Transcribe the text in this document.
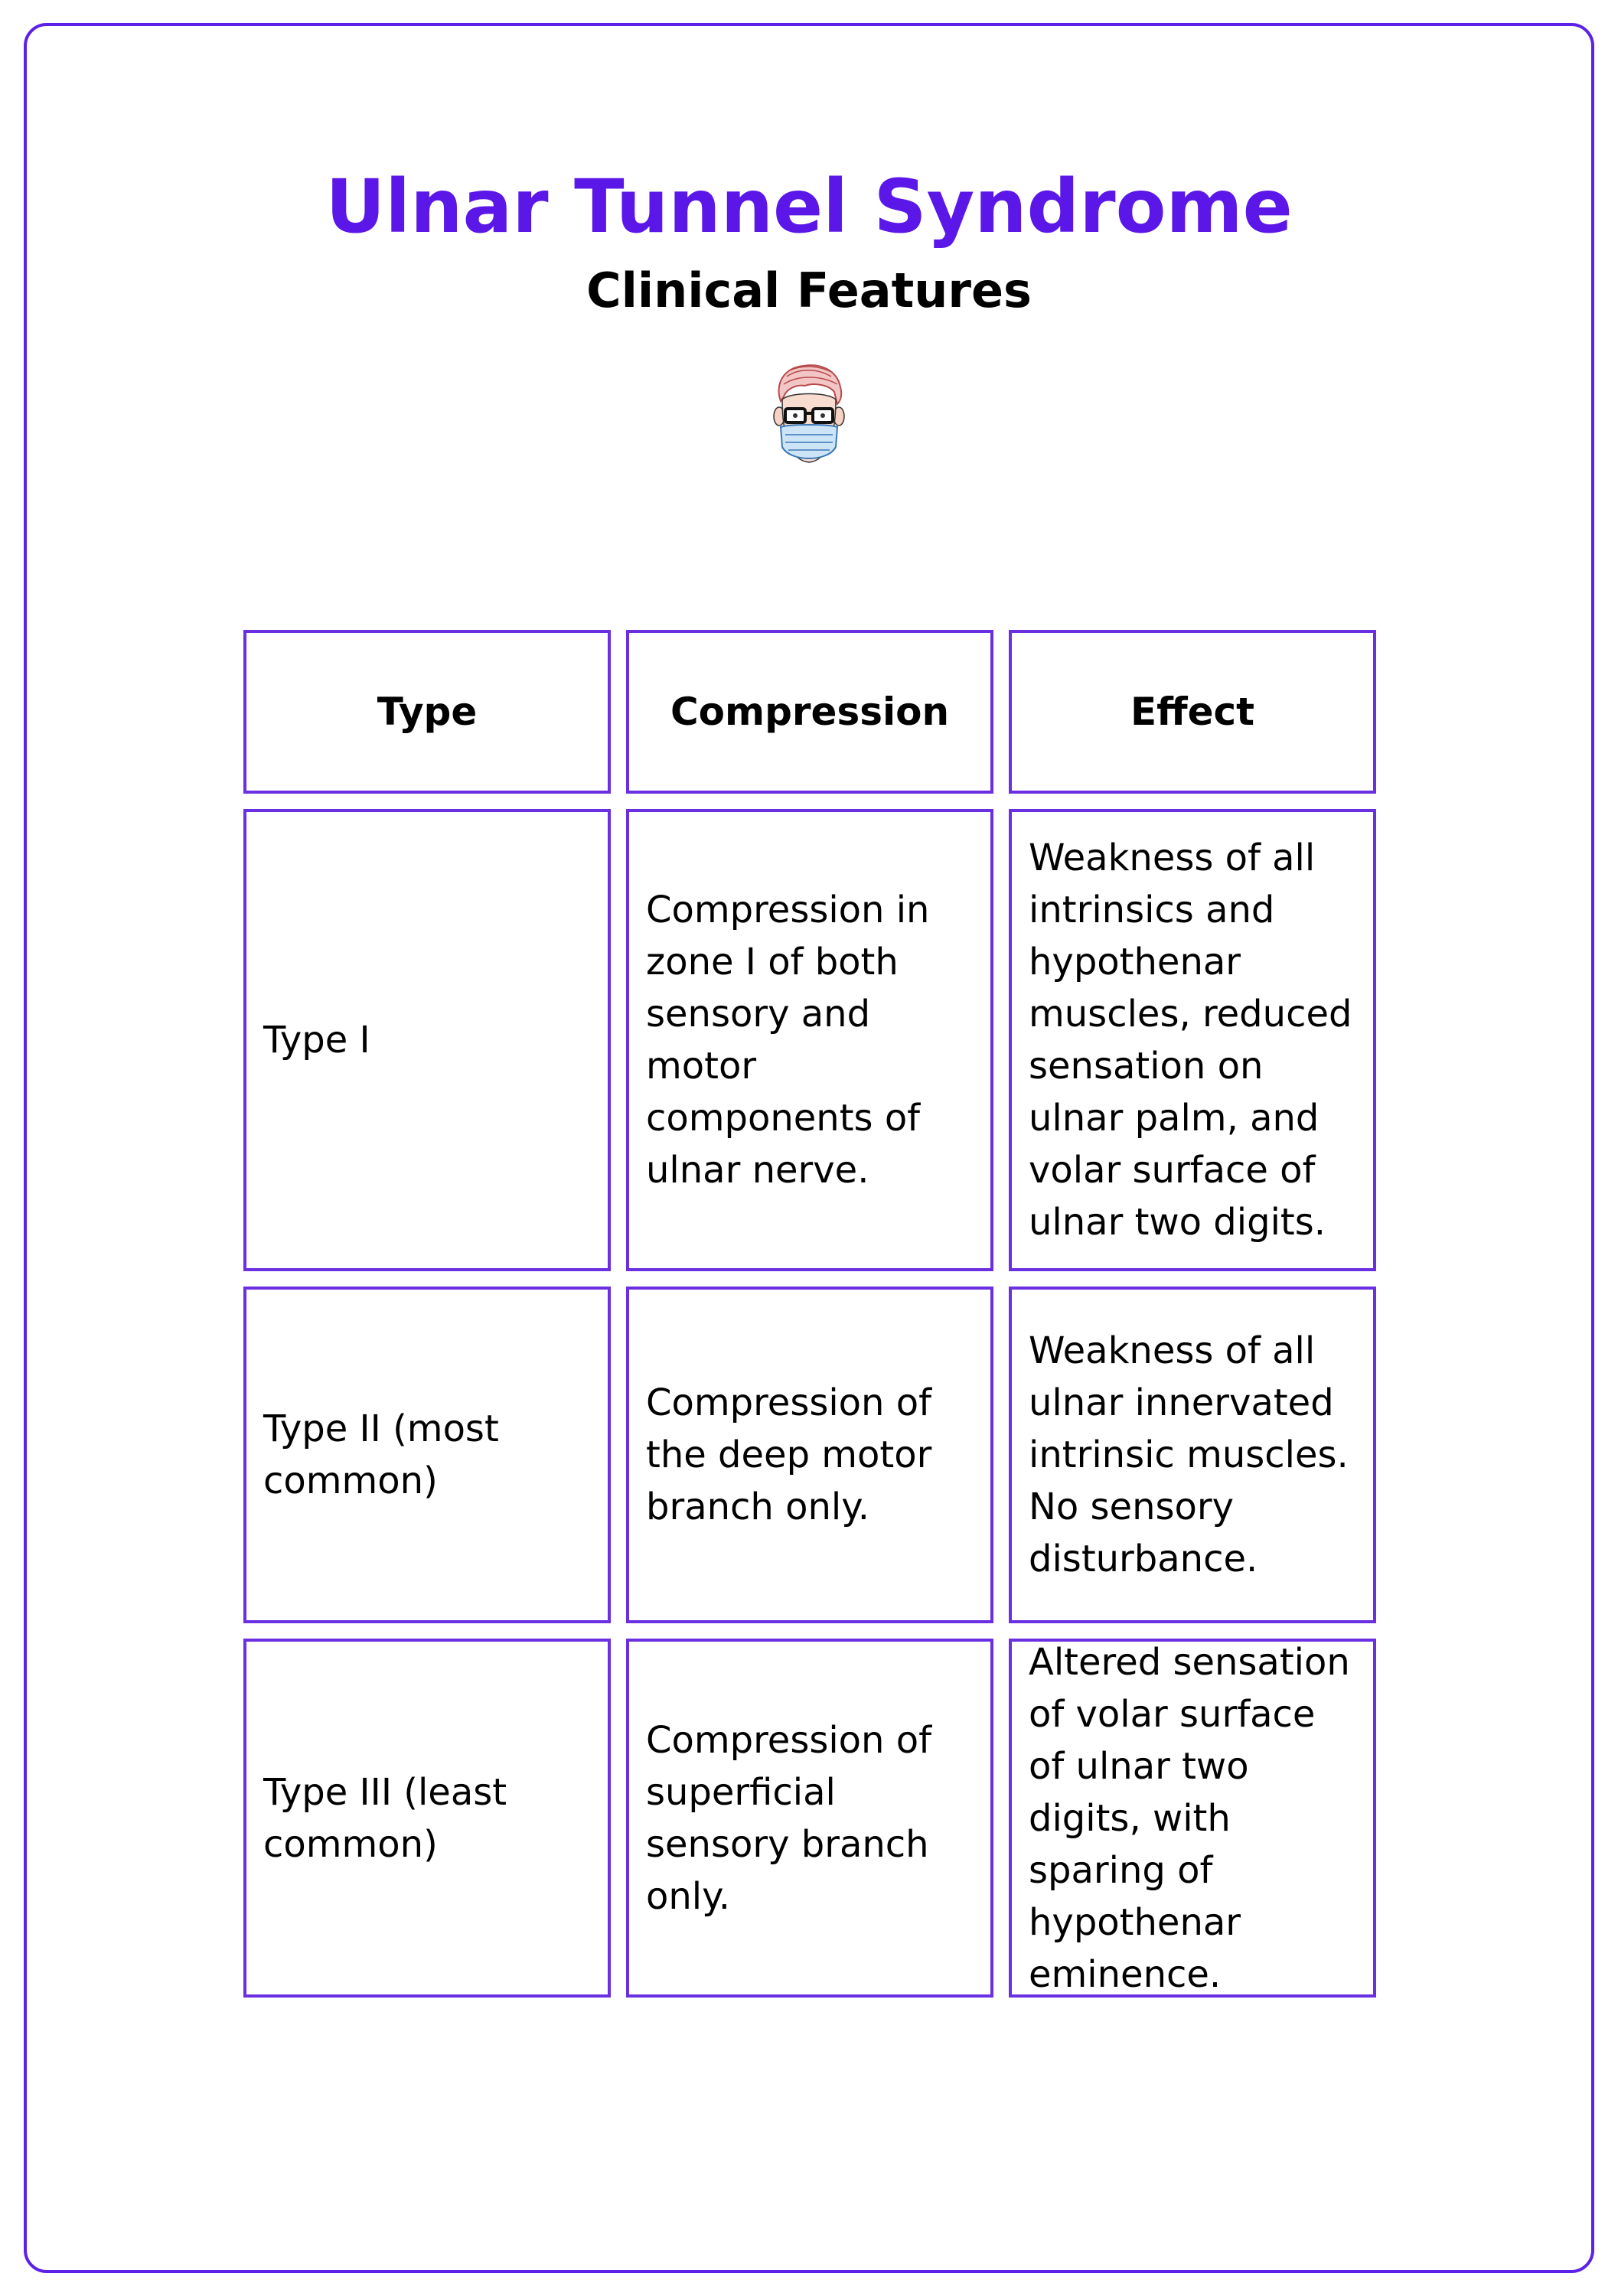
Ulnar Tunnel Syndrome
Clinical Features
Type	Compression	Effect
Type I
Compression in zone I of both sensory and motor components of ulnar nerve.
Weakness of all intrinsics and hypothenar muscles, reduced sensation on ulnar palm, and volar surface of ulnar two digits.
Type II (most common)
Compression of the deep motor branch only.
Weakness of all ulnar innervated intrinsic muscles. No sensory disturbance.
Type III (least common)
Compression of superficial sensory branch only.
Altered sensation of volar surface of ulnar two digits, with sparing of hypothenar eminence.
